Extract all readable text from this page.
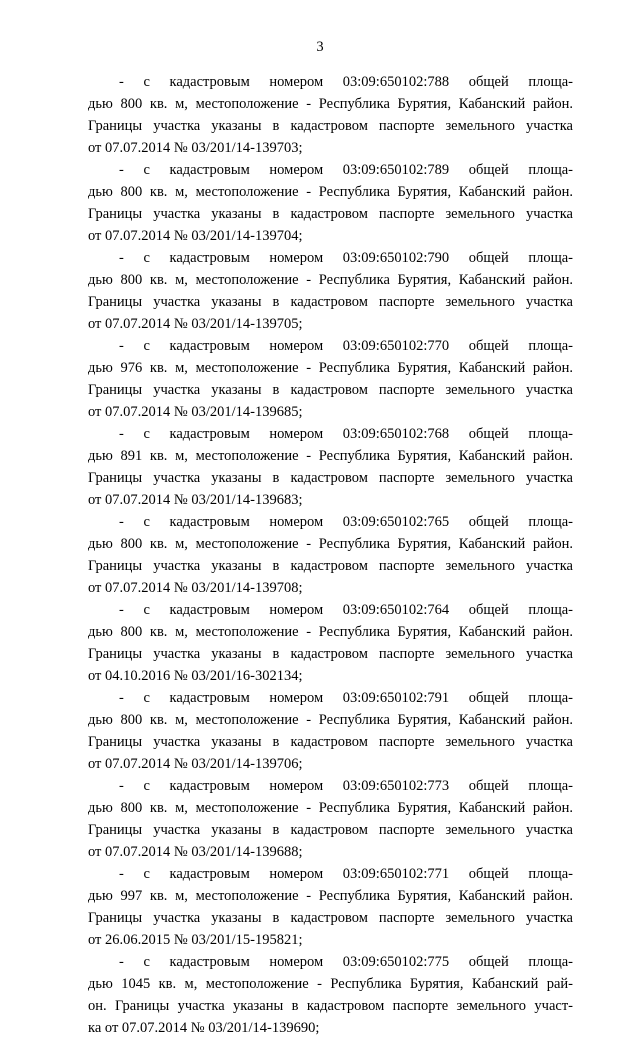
3
- с кадастровым номером 03:09:650102:788 общей площа-
дью 800 кв. м, местоположение - Республика Бурятия, Кабанский район.
Границы участка указаны в кадастровом паспорте земельного участка
от 07.07.2014 № 03/201/14-139703;
- с кадастровым номером 03:09:650102:789 общей площа-
дью 800 кв. м, местоположение - Республика Бурятия, Кабанский район.
Границы участка указаны в кадастровом паспорте земельного участка
от 07.07.2014 № 03/201/14-139704;
- с кадастровым номером 03:09:650102:790 общей площа-
дью 800 кв. м, местоположение - Республика Бурятия, Кабанский район.
Границы участка указаны в кадастровом паспорте земельного участка
от 07.07.2014 № 03/201/14-139705;
- с кадастровым номером 03:09:650102:770 общей площа-
дью 976 кв. м, местоположение - Республика Бурятия, Кабанский район.
Границы участка указаны в кадастровом паспорте земельного участка
от 07.07.2014 № 03/201/14-139685;
- с кадастровым номером 03:09:650102:768 общей площа-
дью 891 кв. м, местоположение - Республика Бурятия, Кабанский район.
Границы участка указаны в кадастровом паспорте земельного участка
от 07.07.2014 № 03/201/14-139683;
- с кадастровым номером 03:09:650102:765 общей площа-
дью 800 кв. м, местоположение - Республика Бурятия, Кабанский район.
Границы участка указаны в кадастровом паспорте земельного участка
от 07.07.2014 № 03/201/14-139708;
- с кадастровым номером 03:09:650102:764 общей площа-
дью 800 кв. м, местоположение - Республика Бурятия, Кабанский район.
Границы участка указаны в кадастровом паспорте земельного участка
от 04.10.2016 № 03/201/16-302134;
- с кадастровым номером 03:09:650102:791 общей площа-
дью 800 кв. м, местоположение - Республика Бурятия, Кабанский район.
Границы участка указаны в кадастровом паспорте земельного участка
от 07.07.2014 № 03/201/14-139706;
- с кадастровым номером 03:09:650102:773 общей площа-
дью 800 кв. м, местоположение - Республика Бурятия, Кабанский район.
Границы участка указаны в кадастровом паспорте земельного участка
от 07.07.2014 № 03/201/14-139688;
- с кадастровым номером 03:09:650102:771 общей площа-
дью 997 кв. м, местоположение - Республика Бурятия, Кабанский район.
Границы участка указаны в кадастровом паспорте земельного участка
от 26.06.2015 № 03/201/15-195821;
- с кадастровым номером 03:09:650102:775 общей площа-
дью 1045 кв. м, местоположение - Республика Бурятия, Кабанский рай-
он. Границы участка указаны в кадастровом паспорте земельного участ-
ка от 07.07.2014 № 03/201/14-139690;
